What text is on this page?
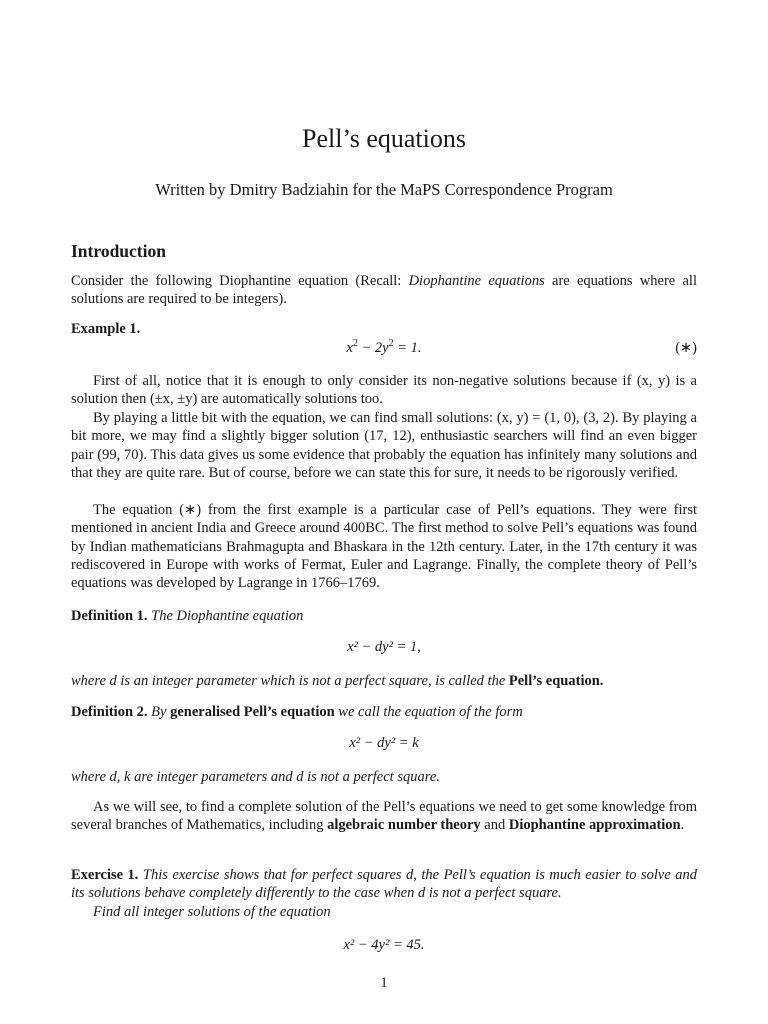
Pell’s equations
Written by Dmitry Badziahin for the MaPS Correspondence Program
Introduction
Consider the following Diophantine equation (Recall: Diophantine equations are equations where all solutions are required to be integers).
Example 1.
$x^2 - 2y^2 = 1$.	(∗)
First of all, notice that it is enough to only consider its non-negative solutions because if (x, y) is a solution then (±x, ±y) are automatically solutions too.
By playing a little bit with the equation, we can find small solutions: (x, y) = (1, 0), (3, 2). By playing a bit more, we may find a slightly bigger solution (17, 12), enthusiastic searchers will find an even bigger pair (99, 70). This data gives us some evidence that probably the equation has infinitely many solutions and that they are quite rare. But of course, before we can state this for sure, it needs to be rigorously verified.
The equation (∗) from the first example is a particular case of Pell’s equations. They were first mentioned in ancient India and Greece around 400BC. The first method to solve Pell’s equations was found by Indian mathematicians Brahmagupta and Bhaskara in the 12th century. Later, in the 17th century it was rediscovered in Europe with works of Fermat, Euler and Lagrange. Finally, the complete theory of Pell’s equations was developed by Lagrange in 1766–1769.
Definition 1. The Diophantine equation
x² − dy² = 1,
where d is an integer parameter which is not a perfect square, is called the Pell’s equation.
Definition 2. By generalised Pell’s equation we call the equation of the form
x² − dy² = k
where d, k are integer parameters and d is not a perfect square.
As we will see, to find a complete solution of the Pell’s equations we need to get some knowledge from several branches of Mathematics, including algebraic number theory and Diophantine approximation.
Exercise 1. This exercise shows that for perfect squares d, the Pell’s equation is much easier to solve and its solutions behave completely differently to the case when d is not a perfect square.
Find all integer solutions of the equation
x² − 4y² = 45.
1
